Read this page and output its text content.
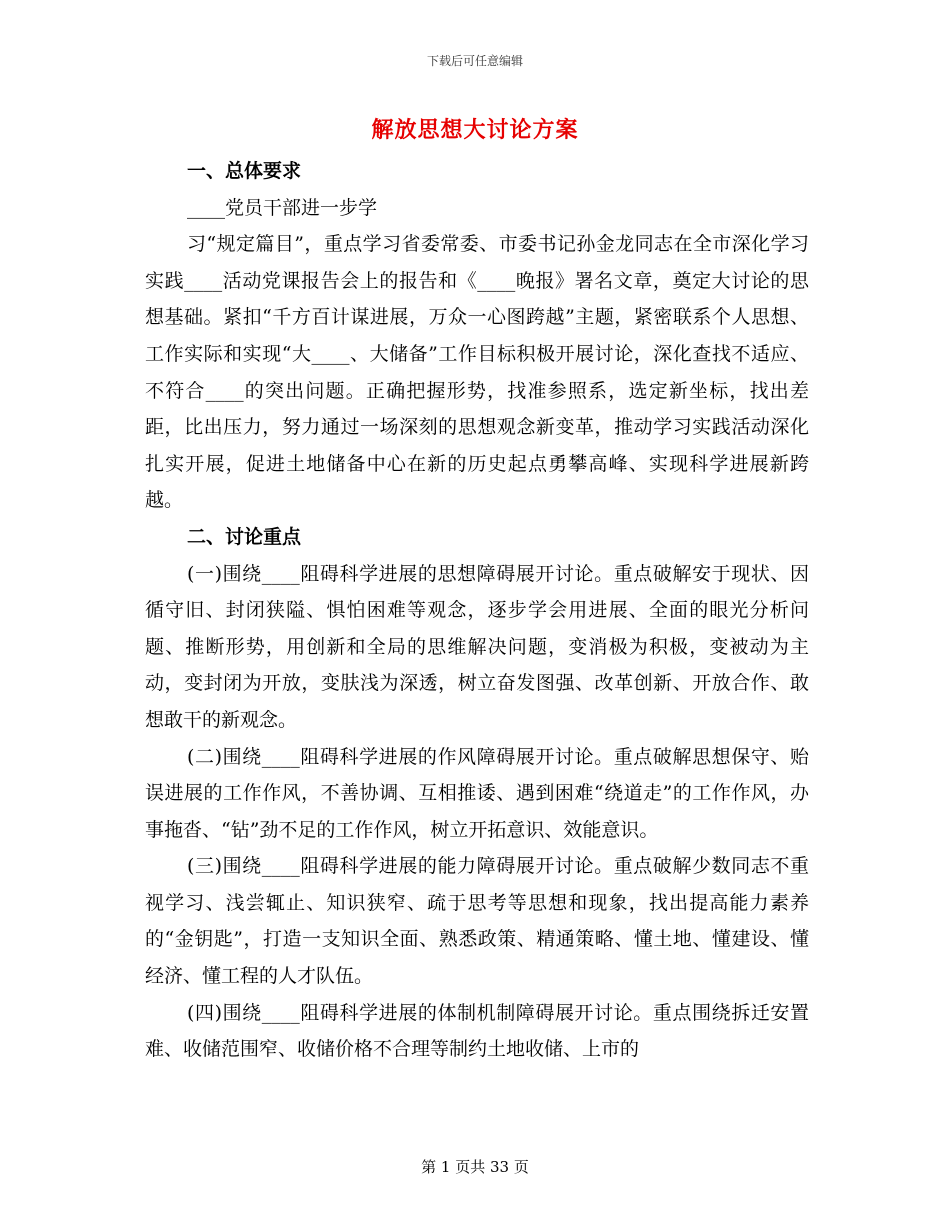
下载后可任意编辑
解放思想大讨论方案
一、总体要求

____党员干部进一步学

习“规定篇目”，重点学习省委常委、市委书记孙金龙同志在全市深化学习实践____活动党课报告会上的报告和《____晚报》署名文章，奠定大讨论的思想基础。紧扣“千方百计谋进展，万众一心图跨越”主题，紧密联系个人思想、工作实际和实现“大____、大储备”工作目标积极开展讨论，深化查找不适应、不符合____的突出问题。正确把握形势，找准参照系，选定新坐标，找出差距，比出压力，努力通过一场深刻的思想观念新变革，推动学习实践活动深化扎实开展，促进土地储备中心在新的历史起点勇攀高峰、实现科学进展新跨越。

二、讨论重点

(一)围绕____阻碍科学进展的思想障碍展开讨论。重点破解安于现状、因循守旧、封闭狭隘、惧怕困难等观念，逐步学会用进展、全面的眼光分析问题、推断形势，用创新和全局的思维解决问题，变消极为积极，变被动为主动，变封闭为开放，变肤浅为深透，树立奋发图强、改革创新、开放合作、敢想敢干的新观念。

(二)围绕____阻碍科学进展的作风障碍展开讨论。重点破解思想保守、贻误进展的工作作风，不善协调、互相推诿、遇到困难“绕道走”的工作作风，办事拖沓、“钻”劲不足的工作作风，树立开拓意识、效能意识。

(三)围绕____阻碍科学进展的能力障碍展开讨论。重点破解少数同志不重视学习、浅尝辄止、知识狭窄、疏于思考等思想和现象，找出提高能力素养的“金钥匙”，打造一支知识全面、熟悉政策、精通策略、懂土地、懂建设、懂经济、懂工程的人才队伍。

(四)围绕____阻碍科学进展的体制机制障碍展开讨论。重点围绕拆迁安置难、收储范围窄、收储价格不合理等制约土地收储、上市的

第 1 页共 33 页
